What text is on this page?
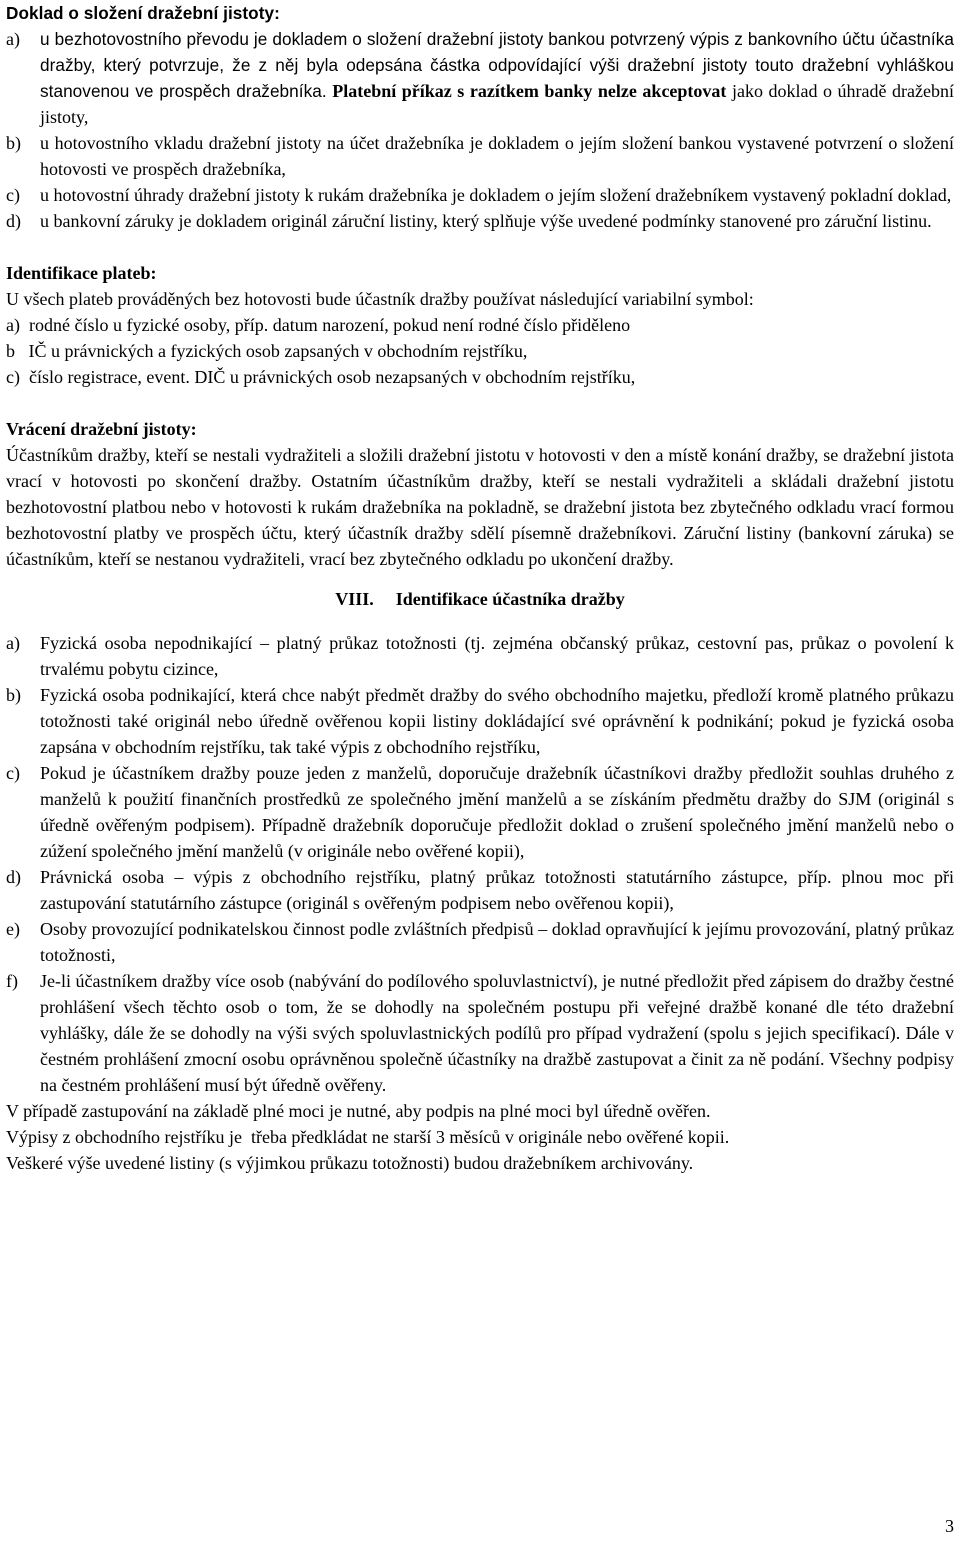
Doklad o složení dražební jistoty:

a) u bezhotovostního převodu je dokladem o složení dražební jistoty bankou potvrzený výpis z bankovního účtu účastníka dražby, který potvrzuje, že z něj byla odepsána částka odpovídající výši dražební jistoty touto dražební vyhláškou stanovenou ve prospěch dražebníka. Platební příkaz s razítkem banky nelze akceptovat jako doklad o úhradě dražební jistoty,
b) u hotovostního vkladu dražební jistoty na účet dražebníka je dokladem o jejím složení bankou vystavené potvrzení o složení hotovosti ve prospěch dražebníka,
c) u hotovostní úhrady dražební jistoty k rukám dražebníka je dokladem o jejím složení dražebníkem vystavený pokladní doklad,
d) u bankovní záruky je dokladem originál záruční listiny, který splňuje výše uvedené podmínky stanovené pro záruční listinu.

Identifikace plateb:

U všech plateb prováděných bez hotovosti bude účastník dražby používat následující variabilní symbol:

a)  rodné číslo u fyzické osoby, příp. datum narození, pokud není rodné číslo přiděleno

b   IČ u právnických a fyzických osob zapsaných v obchodním rejstříku,

c)  číslo registrace, event. DIČ u právnických osob nezapsaných v obchodním rejstříku,

Vrácení dražební jistoty:

Účastníkům dražby, kteří se nestali vydražiteli a složili dražební jistotu v hotovosti v den a místě konání dražby, se dražební jistota vrací v hotovosti po skončení dražby. Ostatním účastníkům dražby, kteří se nestali vydražiteli a skládali dražební jistotu bezhotovostní platbou nebo v hotovosti k rukám dražebníka na pokladně, se dražební jistota bez zbytečného odkladu vrací formou bezhotovostní platby ve prospěch účtu, který účastník dražby sdělí písemně dražebníkovi. Záruční listiny (bankovní záruka) se účastníkům, kteří se nestanou vydražiteli, vrací bez zbytečného odkladu po ukončení dražby.

VIII. Identifikace účastníka dražby

a) Fyzická osoba nepodnikající – platný průkaz totožnosti (tj. zejména občanský průkaz, cestovní pas, průkaz o povolení k trvalému pobytu cizince,
b) Fyzická osoba podnikající, která chce nabýt předmět dražby do svého obchodního majetku, předloží kromě platného průkazu totožnosti také originál nebo úředně ověřenou kopii listiny dokládající své oprávnění k podnikání; pokud je fyzická osoba zapsána v obchodním rejstříku, tak také výpis z obchodního rejstříku,
c) Pokud je účastníkem dražby pouze jeden z manželů, doporučuje dražebník účastníkovi dražby předložit souhlas druhého z manželů k použití finančních prostředků ze společného jmění manželů a se získáním předmětu dražby do SJM (originál s úředně ověřeným podpisem). Případně dražebník doporučuje předložit doklad o zrušení společného jmění manželů nebo o zúžení společného jmění manželů (v originále nebo ověřené kopii),
d) Právnická osoba – výpis z obchodního rejstříku, platný průkaz totožnosti statutárního zástupce, příp. plnou moc při zastupování statutárního zástupce (originál s ověřeným podpisem nebo ověřenou kopii),
e) Osoby provozující podnikatelskou činnost podle zvláštních předpisů – doklad opravňující k jejímu provozování, platný průkaz totožnosti,
f) Je-li účastníkem dražby více osob (nabývání do podílového spoluvlastnictví), je nutné předložit před zápisem do dražby čestné prohlášení všech těchto osob o tom, že se dohodly na společném postupu při veřejné dražbě konané dle této dražební vyhlášky, dále že se dohodly na výši svých spoluvlastnických podílů pro případ vydražení (spolu s jejich specifikací). Dále v čestném prohlášení zmocní osobu oprávněnou společně účastníky na dražbě zastupovat a činit za ně podání. Všechny podpisy na čestném prohlášení musí být úředně ověřeny.

V případě zastupování na základě plné moci je nutné, aby podpis na plné moci byl úředně ověřen.

Výpisy z obchodního rejstříku je  třeba předkládat ne starší 3 měsíců v originále nebo ověřené kopii.

Veškeré výše uvedené listiny (s výjimkou průkazu totožnosti) budou dražebníkem archivovány.

3
